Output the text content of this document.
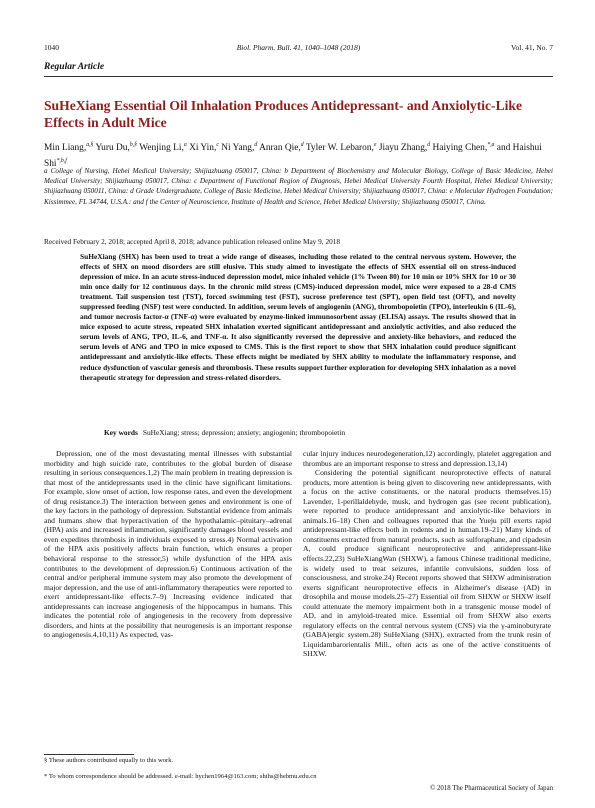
1040	Biol. Pharm. Bull. 41, 1040–1048 (2018)	Vol. 41, No. 7
Regular Article
SuHeXiang Essential Oil Inhalation Produces Antidepressant- and Anxiolytic-Like Effects in Adult Mice
Min Liang,$^{a,\S}$ Yuru Du,$^{b,\S}$ Wenjing Li,$^a$ Xi Yin,$^c$ Ni Yang,$^d$ Anran Qie,$^d$ Tyler W. Lebaron,$^e$ Jiayu Zhang,$^d$ Haiying Chen,$^{*,a}$ and Haishui Shi$^{*,b,f}$
a College of Nursing, Hebei Medical University; Shijiazhuang 050017, China: b Department of Biochemistry and Molecular Biology, College of Basic Medicine, Hebei Medical University; Shijiazhuang 050017, China: c Department of Functional Region of Diagnosis, Hebei Medical University Fourth Hospital, Hebei Medical University; Shijiazhuang 050011, China: d Grade Undergraduate, College of Basic Medicine, Hebei Medical University; Shijiazhuang 050017, China: e Molecular Hydrogen Foundation; Kissimmee, FL 34744, U.S.A.: and f the Center of Neuroscience, Institute of Health and Science, Hebei Medical University; Shijiazhuang 050017, China.
Received February 2, 2018; accepted April 8, 2018; advance publication released online May 9, 2018
SuHeXiang (SHX) has been used to treat a wide range of diseases, including those related to the central nervous system. However, the effects of SHX on mood disorders are still elusive. This study aimed to investigate the effects of SHX essential oil on stress-induced depression of mice. In an acute stress-induced depression model, mice inhaled vehicle (1% Tween 80) for 10 min or 10% SHX for 10 or 30 min once daily for 12 continuous days. In the chronic mild stress (CMS)-induced depression model, mice were exposed to a 28-d CMS treatment. Tail suspension test (TST), forced swimming test (FST), sucrose preference test (SPT), open field test (OFT), and novelty suppressed feeding (NSF) test were conducted. In addition, serum levels of angiogenin (ANG), thrombopoietin (TPO), interleukin 6 (IL-6), and tumor necrosis factor-α (TNF-α) were evaluated by enzyme-linked immunosorbent assay (ELISA) assays. The results showed that in mice exposed to acute stress, repeated SHX inhalation exerted significant antidepressant and anxiolytic activities, and also reduced the serum levels of ANG, TPO, IL-6, and TNF-α. It also significantly reversed the depressive and anxiety-like behaviors, and reduced the serum levels of ANG and TPO in mice exposed to CMS. This is the first report to show that SHX inhalation could produce significant antidepressant and anxiolytic-like effects. These effects might be mediated by SHX ability to modulate the inflammatory response, and reduce dysfunction of vascular genesis and thrombosis. These results support further exploration for developing SHX inhalation as a novel therapeutic strategy for depression and stress-related disorders.
Key words SuHeXiang; stress; depression; anxiety; angiogenin; thrombopoietin

Depression, one of the most devastating mental illnesses with substantial morbidity and high suicide rate, contributes to the global burden of disease resulting in serious consequences.1,2) The main problem in treating depression is that most of the antidepressants used in the clinic have significant limitations. For example, slow onset of action, low response rates, and even the development of drug resistance.3) The interaction between genes and environment is one of the key factors in the pathology of depression. Substantial evidence from animals and humans show that hyperactivation of the hypothalamic–pituitary–adrenal (HPA) axis and increased inflammation, significantly damages blood vessels and even expedites thrombosis in individuals exposed to stress.4) Normal activation of the HPA axis positively affects brain function, which ensures a proper behavioral response to the stressor,5) while dysfunction of the HPA axis contributes to the development of depression.6) Continuous activation of the central and/or peripheral immune system may also promote the development of major depression, and the use of anti-inflammatory therapeutics were reported to exert antidepressant-like effects.7–9) Increasing evidence indicated that antidepressants can increase angiogenesis of the hippocampus in humans. This indicates the potential role of angiogenesis in the recovery from depressive disorders, and hints at the possibility that neurogenesis is an important response to angiogenesis.4,10,11) As expected, vas-

cular injury induces neurodegeneration,12) accordingly, platelet aggregation and thrombus are an important response to stress and depression.13,14)

Considering the potential significant neuroprotective effects of natural products, more attention is being given to discovering new antidepressants, with a focus on the active constituents, or the natural products themselves.15) Lavender, 1-perillaldehyde, musk, and hydrogen gas (see recent publication), were reported to produce antidepressant and anxiolytic-like behaviors in animals.16–18) Chen and colleagues reported that the Yueju pill exerts rapid antidepressant-like effects both in rodents and in human.19–21) Many kinds of constituents extracted from natural products, such as sulforaphane, and cipadesin A, could produce significant neuroprotective and antidepressant-like effects.22,23) SuHeXiangWan (SHXW), a famous Chinese traditional medicine, is widely used to treat seizures, infantile convulsions, sudden loss of consciousness, and stroke.24) Recent reports showed that SHXW administration exerts significant neuroprotective effects in Alzheimer's disease (AD) in drosophila and mouse models.25–27) Essential oil from SHXW or SHXW itself could attenuate the memory impairment both in a transgenic mouse model of AD, and in amyloid-treated mice. Essential oil from SHXW also exerts regulatory effects on the central nervous system (CNS) via the γ-aminobutyrate (GABA)ergic system.28) SuHeXiang (SHX), extracted from the trunk resin of Liquidambarorientalis Mill., often acts as one of the active constituents of SHXW.

§ These authors contributed equally to this work.
* To whom correspondence should be addressed. e-mail: hychen1964@163.com; shihs@hebmu.edu.cn
© 2018 The Pharmaceutical Society of Japan
